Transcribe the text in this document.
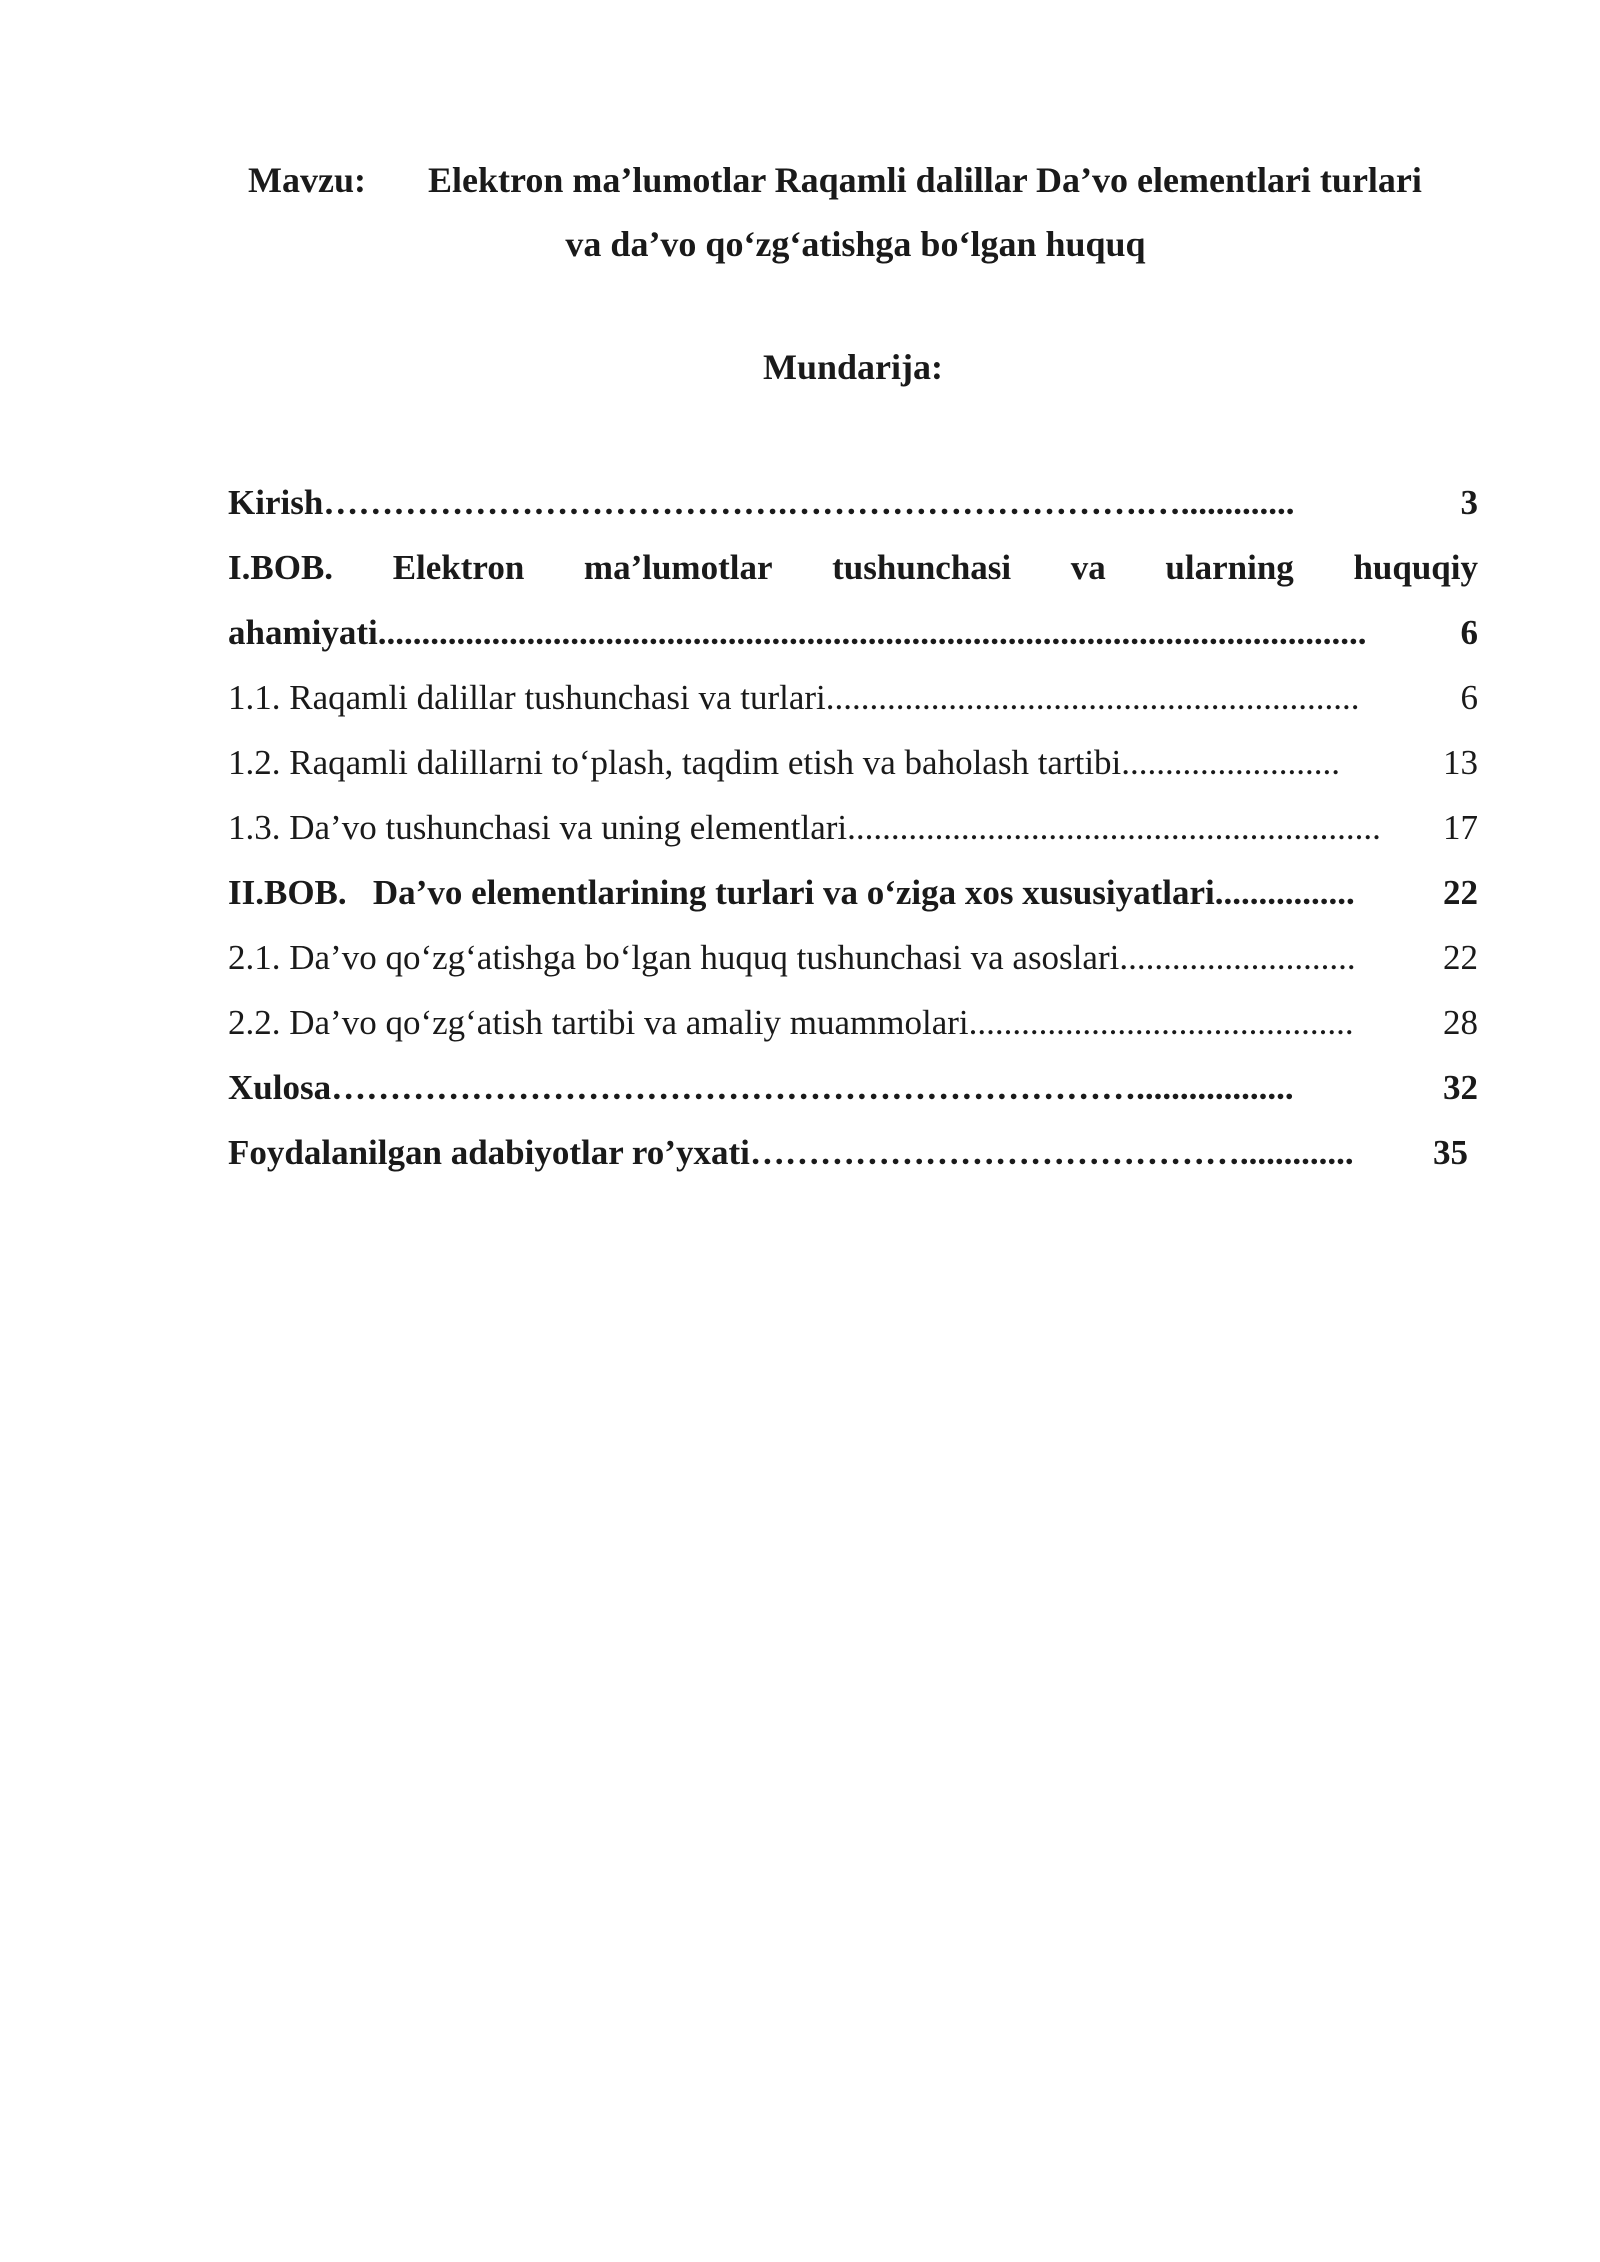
Mavzu: Elektron ma’lumotlar Raqamli dalillar Da’vo elementlari turlari
va da’vo qo‘zg‘atishga bo‘lgan huquq
Mundarija:
Kirish ………………………………….………………………….….............	3
I.BOB. Elektron ma’lumotlar tushunchasi va ularning huquqiy
ahamiyati .................................................................................................................	6
1.1. Raqamli dalillar tushunchasi va turlari .............................................................	6
1.2. Raqamli dalillarni to‘plash, taqdim etish va baholash tartibi .........................	13
1.3. Da’vo tushunchasi va uning elementlari .............................................................	17
II.BOB.   Da’vo elementlarining turlari va o‘ziga xos xususiyatlari ................	22
2.1. Da’vo qo‘zg‘atishga bo‘lgan huquq tushunchasi va asoslari ...........................	22
2.2. Da’vo qo‘zg‘atish tartibi va amaliy muammolari ............................................	28
Xulosa ……………………………………………………………..................	32
Foydalanilgan adabiyotlar ro’yxati …………………………………….............	35
